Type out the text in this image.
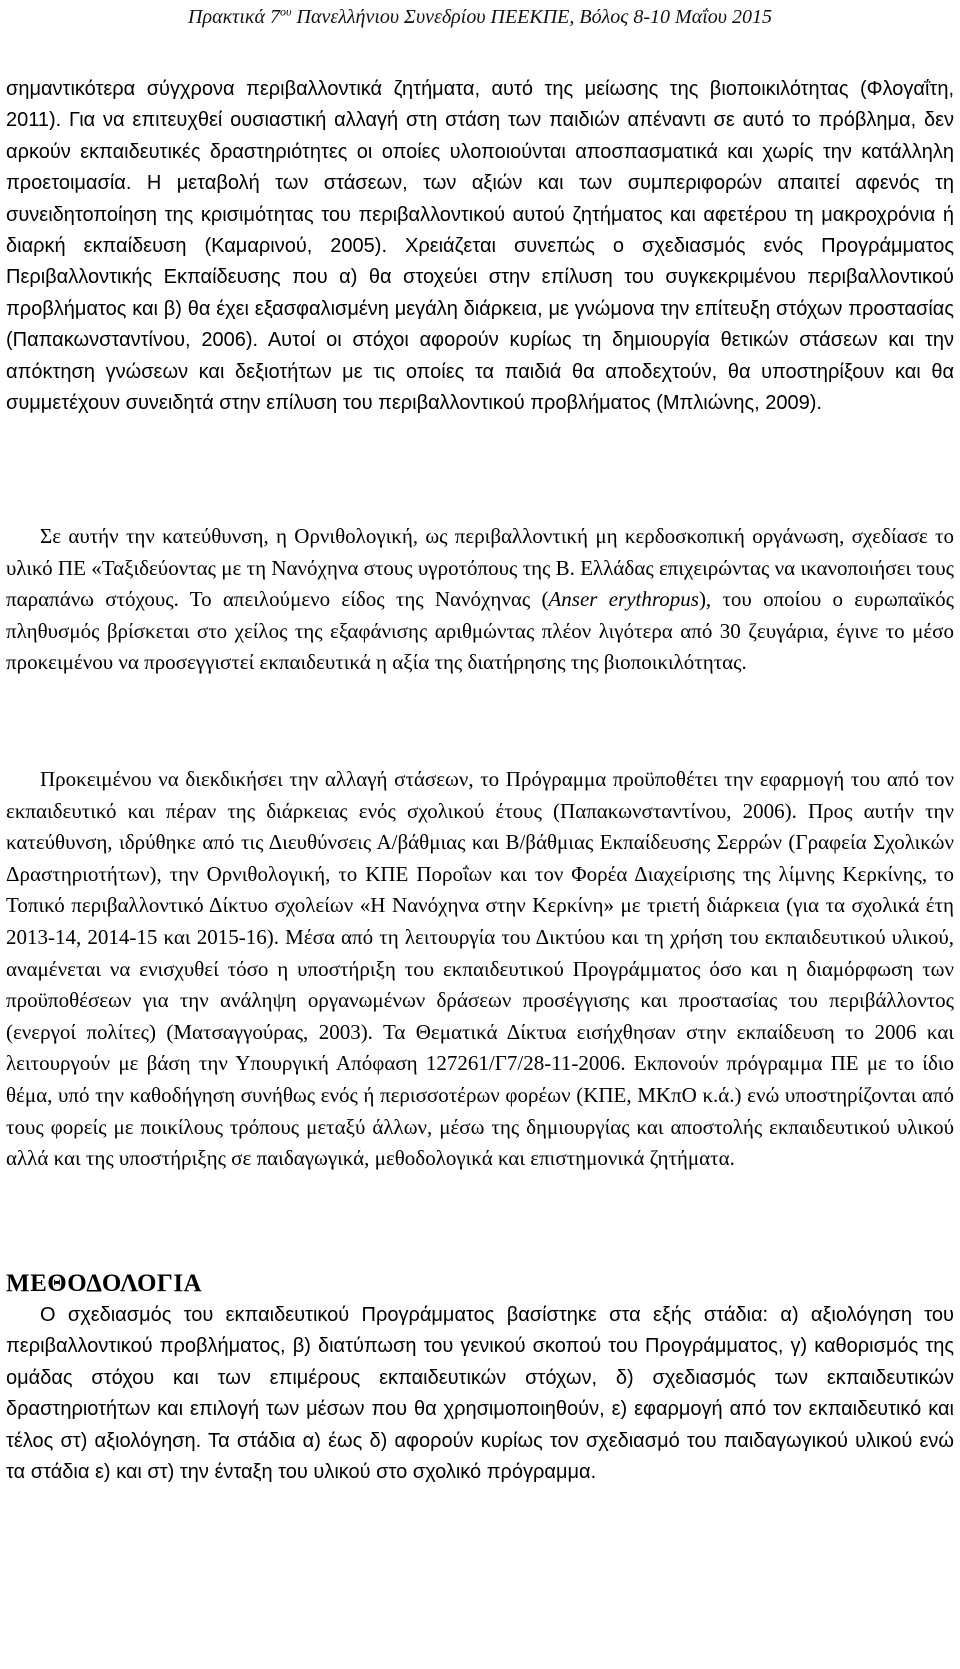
Πρακτικά $7^{o\upsilon}$ Πανελλήνιου Συνεδρίου ΠΕΕΚΠΕ, Βόλος 8-10 Μαΐου 2015

σημαντικότερα σύγχρονα περιβαλλοντικά ζητήματα, αυτό της μείωσης της βιοποικιλότητας (Φλογαΐτη, 2011). Για να επιτευχθεί ουσιαστική αλλαγή στη στάση των παιδιών απέναντι σε αυτό το πρόβλημα, δεν αρκούν εκπαιδευτικές δραστηριότητες οι οποίες υλοποιούνται αποσπασματικά και χωρίς την κατάλληλη προετοιμασία. Η μεταβολή των στάσεων, των αξιών και των συμπεριφορών απαιτεί αφενός τη συνειδητοποίηση της κρισιμότητας του περιβαλλοντικού αυτού ζητήματος και αφετέρου τη μακροχρόνια ή διαρκή εκπαίδευση (Καμαρινού, 2005). Χρειάζεται συνεπώς ο σχεδιασμός ενός Προγράμματος Περιβαλλοντικής Εκπαίδευσης που α) θα στοχεύει στην επίλυση του συγκεκριμένου περιβαλλοντικού προβλήματος και β) θα έχει εξασφαλισμένη μεγάλη διάρκεια, με γνώμονα την επίτευξη στόχων προστασίας (Παπακωνσταντίνου, 2006). Αυτοί οι στόχοι αφορούν κυρίως τη δημιουργία θετικών στάσεων και την απόκτηση γνώσεων και δεξιοτήτων με τις οποίες τα παιδιά θα αποδεχτούν, θα υποστηρίξουν και θα συμμετέχουν συνειδητά στην επίλυση του περιβαλλοντικού προβλήματος (Μπλιώνης, 2009).

Σε αυτήν την κατεύθυνση, η Ορνιθολογική, ως περιβαλλοντική μη κερδοσκοπική οργάνωση, σχεδίασε το υλικό ΠΕ «Ταξιδεύοντας με τη Νανόχηνα στους υγροτόπους της Β. Ελλάδας επιχειρώντας να ικανοποιήσει τους παραπάνω στόχους. Το απειλούμενο είδος της Νανόχηνας (Anser erythropus), του οποίου ο ευρωπαϊκός πληθυσμός βρίσκεται στο χείλος της εξαφάνισης αριθμώντας πλέον λιγότερα από 30 ζευγάρια, έγινε το μέσο προκειμένου να προσεγγιστεί εκπαιδευτικά η αξία της διατήρησης της βιοποικιλότητας.

Προκειμένου να διεκδικήσει την αλλαγή στάσεων, το Πρόγραμμα προϋποθέτει την εφαρμογή του από τον εκπαιδευτικό και πέραν της διάρκειας ενός σχολικού έτους (Παπακωνσταντίνου, 2006). Προς αυτήν την κατεύθυνση, ιδρύθηκε από τις Διευθύνσεις Α/βάθμιας και Β/βάθμιας Εκπαίδευσης Σερρών (Γραφεία Σχολικών Δραστηριοτήτων), την Ορνιθολογική, το ΚΠΕ Ποροΐων και τον Φορέα Διαχείρισης της λίμνης Κερκίνης, το Τοπικό περιβαλλοντικό Δίκτυο σχολείων «Η Νανόχηνα στην Κερκίνη» με τριετή διάρκεια (για τα σχολικά έτη 2013-14, 2014-15 και 2015-16). Μέσα από τη λειτουργία του Δικτύου και τη χρήση του εκπαιδευτικού υλικού, αναμένεται να ενισχυθεί τόσο η υποστήριξη του εκπαιδευτικού Προγράμματος όσο και η διαμόρφωση των προϋποθέσεων για την ανάληψη οργανωμένων δράσεων προσέγγισης και προστασίας του περιβάλλοντος (ενεργοί πολίτες) (Ματσαγγούρας, 2003). Τα Θεματικά Δίκτυα εισήχθησαν στην εκπαίδευση το 2006 και λειτουργούν με βάση την Υπουργική Απόφαση 127261/Γ7/28-11-2006. Εκπονούν πρόγραμμα ΠΕ με το ίδιο θέμα, υπό την καθοδήγηση συνήθως ενός ή περισσοτέρων φορέων (ΚΠΕ, ΜΚπΟ κ.ά.) ενώ υποστηρίζονται από τους φορείς με ποικίλους τρόπους μεταξύ άλλων, μέσω της δημιουργίας και αποστολής εκπαιδευτικού υλικού αλλά και της υποστήριξης σε παιδαγωγικά, μεθοδολογικά και επιστημονικά ζητήματα.

ΜΕΘΟΔΟΛΟΓΙΑ

Ο σχεδιασμός του εκπαιδευτικού Προγράμματος βασίστηκε στα εξής στάδια: α) αξιολόγηση του περιβαλλοντικού προβλήματος, β) διατύπωση του γενικού σκοπού του Προγράμματος, γ) καθορισμός της ομάδας στόχου και των επιμέρους εκπαιδευτικών στόχων, δ) σχεδιασμός των εκπαιδευτικών δραστηριοτήτων και επιλογή των μέσων που θα χρησιμοποιηθούν, ε) εφαρμογή από τον εκπαιδευτικό και τέλος στ) αξιολόγηση. Τα στάδια α) έως δ) αφορούν κυρίως τον σχεδιασμό του παιδαγωγικού υλικού ενώ τα στάδια ε) και στ) την ένταξη του υλικού στο σχολικό πρόγραμμα.
